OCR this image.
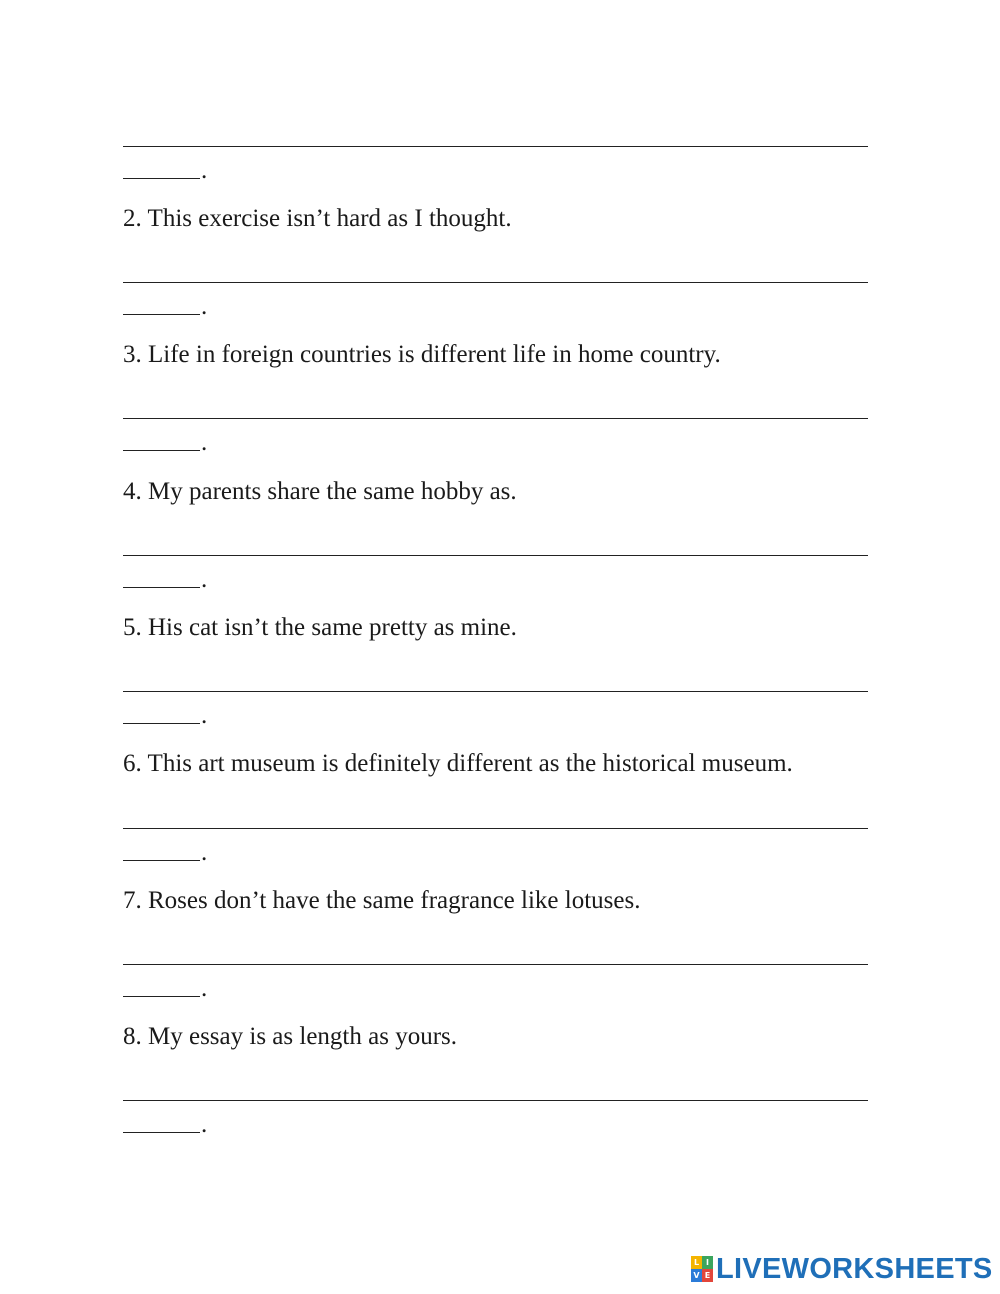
.
2. This exercise isn’t hard as I thought.
.
3. Life in foreign countries is different life in home country.
.
4. My parents share the same hobby as.
.
5. His cat isn’t the same pretty as mine.
.
6. This art museum is definitely different as the historical museum.
.
7. Roses don’t have the same fragrance like lotuses.
.
8. My essay is as length as yours.
.
L I
V E LIVEWORKSHEETS
